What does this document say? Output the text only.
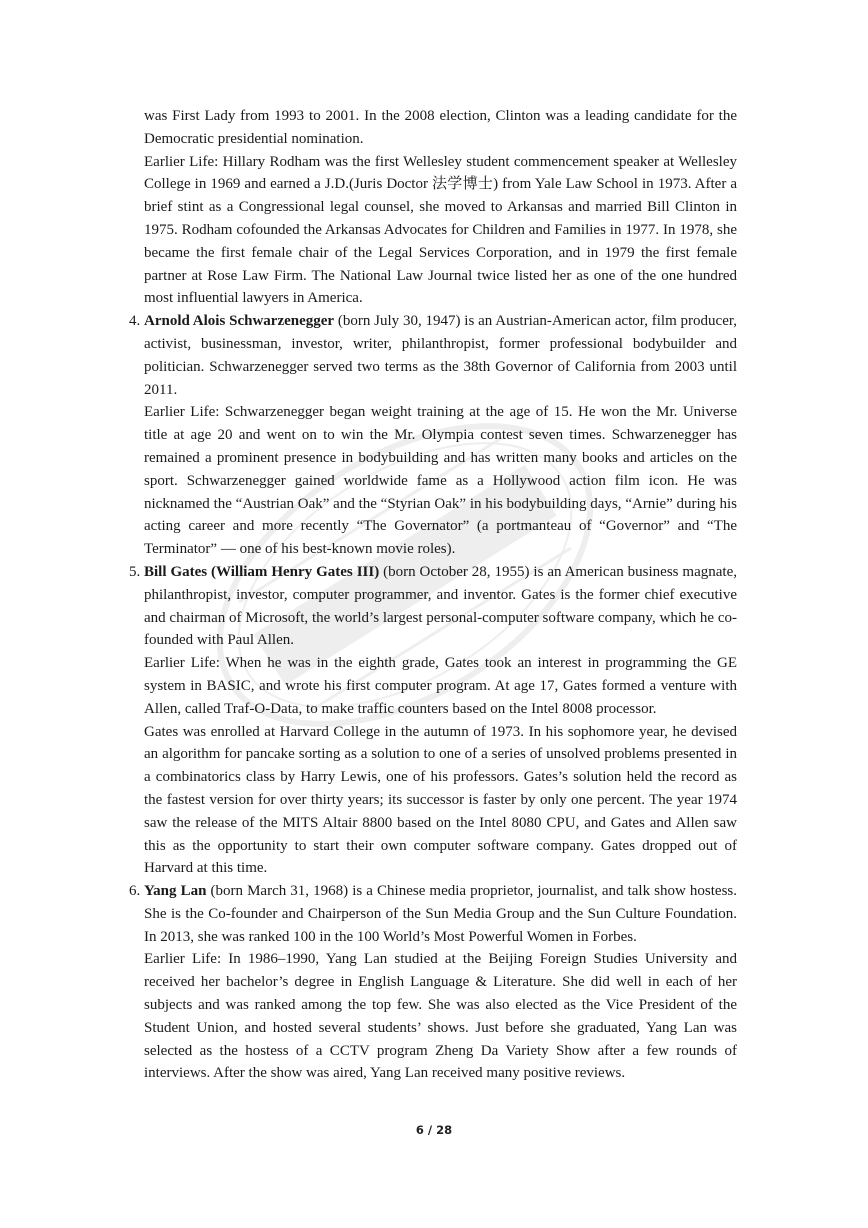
was First Lady from 1993 to 2001. In the 2008 election, Clinton was a leading candidate for the Democratic presidential nomination.

Earlier Life: Hillary Rodham was the first Wellesley student commencement speaker at Wellesley College in 1969 and earned a J.D.(Juris Doctor 法学博士) from Yale Law School in 1973. After a brief stint as a Congressional legal counsel, she moved to Arkansas and married Bill Clinton in 1975. Rodham cofounded the Arkansas Advocates for Children and Families in 1977. In 1978, she became the first female chair of the Legal Services Corporation, and in 1979 the first female partner at Rose Law Firm. The National Law Journal twice listed her as one of the one hundred most influential lawyers in America.

4. Arnold Alois Schwarzenegger (born July 30, 1947) is an Austrian-American actor, film producer, activist, businessman, investor, writer, philanthropist, former professional bodybuilder and politician. Schwarzenegger served two terms as the 38th Governor of California from 2003 until 2011.

Earlier Life: Schwarzenegger began weight training at the age of 15. He won the Mr. Universe title at age 20 and went on to win the Mr. Olympia contest seven times. Schwarzenegger has remained a prominent presence in bodybuilding and has written many books and articles on the sport. Schwarzenegger gained worldwide fame as a Hollywood action film icon. He was nicknamed the “Austrian Oak” and the “Styrian Oak” in his bodybuilding days, “Arnie” during his acting career and more recently “The Governator” (a portmanteau of “Governor” and “The Terminator” — one of his best-known movie roles).

5. Bill Gates (William Henry Gates III) (born October 28, 1955) is an American business magnate, philanthropist, investor, computer programmer, and inventor. Gates is the former chief executive and chairman of Microsoft, the world’s largest personal-computer software company, which he co-founded with Paul Allen.

Earlier Life: When he was in the eighth grade, Gates took an interest in programming the GE system in BASIC, and wrote his first computer program. At age 17, Gates formed a venture with Allen, called Traf-O-Data, to make traffic counters based on the Intel 8008 processor.

Gates was enrolled at Harvard College in the autumn of 1973. In his sophomore year, he devised an algorithm for pancake sorting as a solution to one of a series of unsolved problems presented in a combinatorics class by Harry Lewis, one of his professors. Gates’s solution held the record as the fastest version for over thirty years; its successor is faster by only one percent. The year 1974 saw the release of the MITS Altair 8800 based on the Intel 8080 CPU, and Gates and Allen saw this as the opportunity to start their own computer software company. Gates dropped out of Harvard at this time.

6. Yang Lan (born March 31, 1968) is a Chinese media proprietor, journalist, and talk show hostess. She is the Co-founder and Chairperson of the Sun Media Group and the Sun Culture Foundation. In 2013, she was ranked 100 in the 100 World’s Most Powerful Women in Forbes.

Earlier Life: In 1986–1990, Yang Lan studied at the Beijing Foreign Studies University and received her bachelor’s degree in English Language & Literature. She did well in each of her subjects and was ranked among the top few. She was also elected as the Vice President of the Student Union, and hosted several students’ shows. Just before she graduated, Yang Lan was selected as the hostess of a CCTV program Zheng Da Variety Show after a few rounds of interviews. After the show was aired, Yang Lan received many positive reviews.

6 / 28
